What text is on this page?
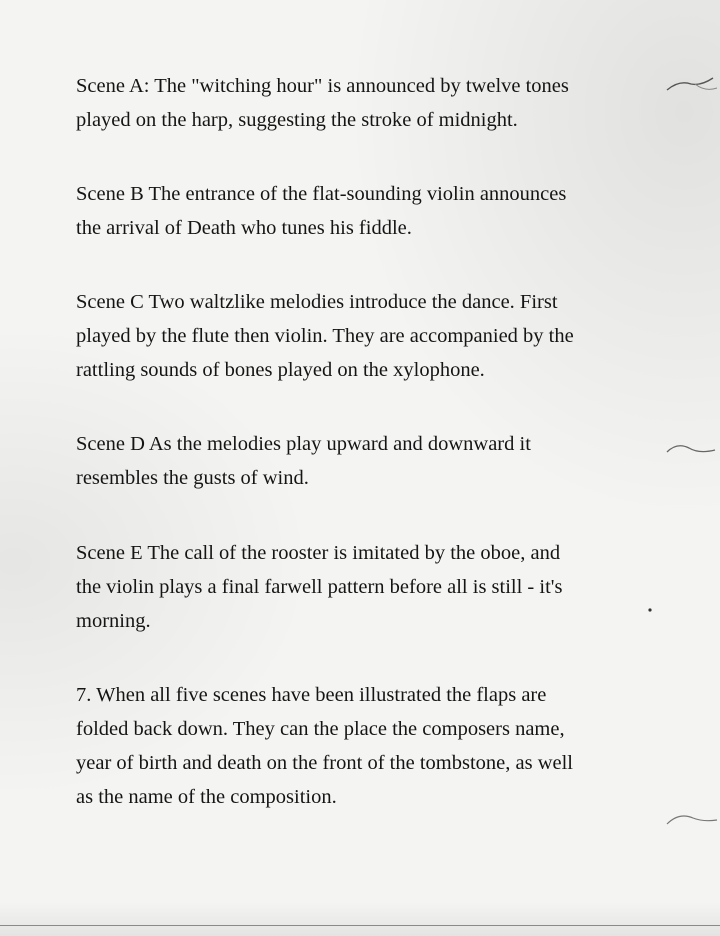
Scene A: The "witching hour" is announced by twelve tones
played on the harp, suggesting the stroke of midnight.

Scene B The entrance of the flat-sounding violin announces
the arrival of Death who tunes his fiddle.

Scene C Two waltzlike melodies introduce the dance. First
played by the flute then violin. They are accompanied by the
rattling sounds of bones played on the xylophone.

Scene D As the melodies play upward and downward it
resembles the gusts of wind.

Scene E The call of the rooster is imitated by the oboe, and
the violin plays a final farwell pattern before all is still - it's
morning.

7. When all five scenes have been illustrated the flaps are
folded back down. They can the place the composers name,
year of birth and death on the front of the tombstone, as well
as the name of the composition.
